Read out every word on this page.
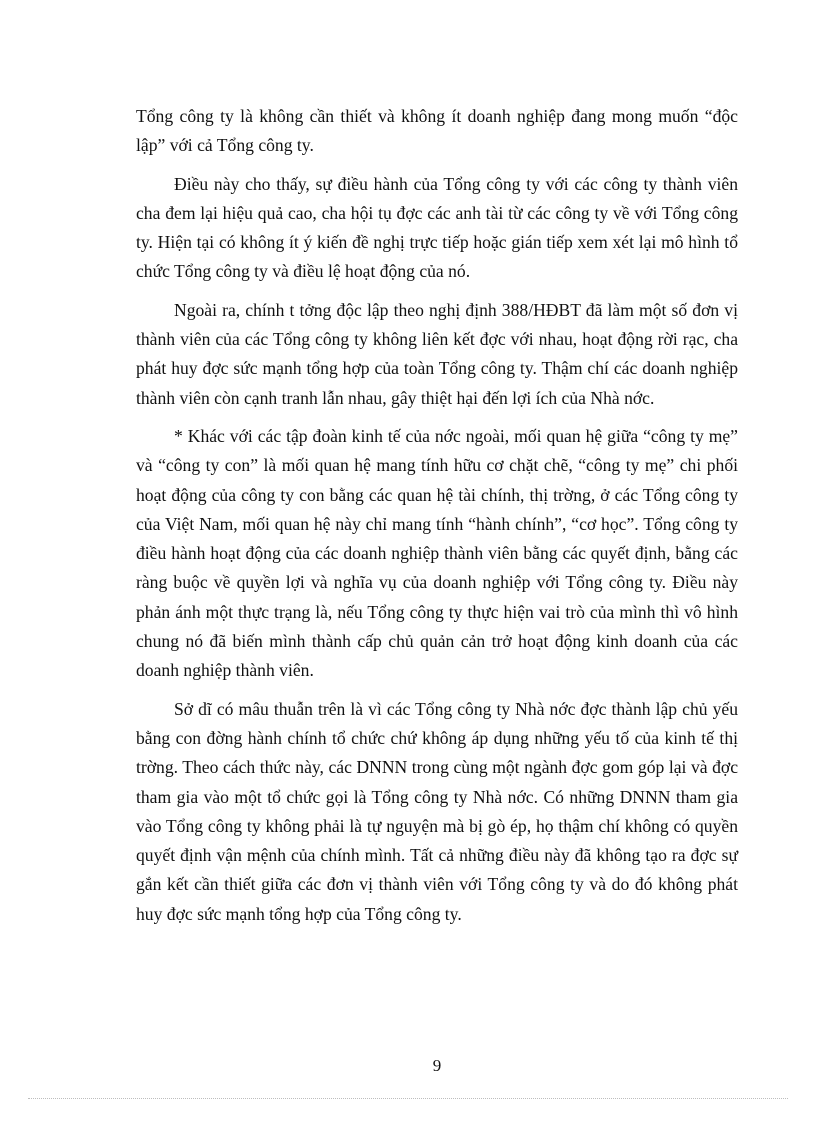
Tổng công ty là không cần thiết và không ít doanh nghiệp đang mong muốn “độc lập” với cả Tổng công ty.

Điều này cho thấy, sự điều hành của Tổng công ty với các công ty thành viên cha đem lại hiệu quả cao, cha hội tụ đợc các anh tài từ các công ty về với Tổng công ty. Hiện tại có không ít ý kiến đề nghị trực tiếp hoặc gián tiếp xem xét lại mô hình tổ chức Tổng công ty và điều lệ hoạt động của nó.

Ngoài ra, chính t tởng độc lập theo nghị định 388/HĐBT đã làm một số đơn vị thành viên của các Tổng công ty không liên kết đợc với nhau, hoạt động rời rạc, cha phát huy đợc sức mạnh tổng hợp của toàn Tổng công ty. Thậm chí các doanh nghiệp thành viên còn cạnh tranh lẫn nhau, gây thiệt hại đến lợi ích của Nhà nớc.

* Khác với các tập đoàn kinh tế của nớc ngoài, mối quan hệ giữa “công ty mẹ” và “công ty con” là mối quan hệ mang tính hữu cơ chặt chẽ, “công ty mẹ” chi phối hoạt động của công ty con bằng các quan hệ tài chính, thị trờng, ở các Tổng công ty của Việt Nam, mối quan hệ này chỉ mang tính “hành chính”, “cơ học”. Tổng công ty điều hành hoạt động của các doanh nghiệp thành viên bằng các quyết định, bằng các ràng buộc về quyền lợi và nghĩa vụ của doanh nghiệp với Tổng công ty. Điều này phản ánh một thực trạng là, nếu Tổng công ty thực hiện vai trò của mình thì vô hình chung nó đã biến mình thành cấp chủ quản cản trở hoạt động kinh doanh của các doanh nghiệp thành viên.

Sở dĩ có mâu thuẫn trên là vì các Tổng công ty Nhà nớc đợc thành lập chủ yếu bằng con đờng hành chính tổ chức chứ không áp dụng những yếu tố của kinh tế thị trờng. Theo cách thức này, các DNNN trong cùng một ngành đợc gom góp lại và đợc tham gia vào một tổ chức gọi là Tổng công ty Nhà nớc. Có những DNNN tham gia vào Tổng công ty không phải là tự nguyện mà bị gò ép, họ thậm chí không có quyền quyết định vận mệnh của chính mình. Tất cả những điều này đã không tạo ra đợc sự gắn kết cần thiết giữa các đơn vị thành viên với Tổng công ty và do đó không phát huy đợc sức mạnh tổng hợp của Tổng công ty.

9
